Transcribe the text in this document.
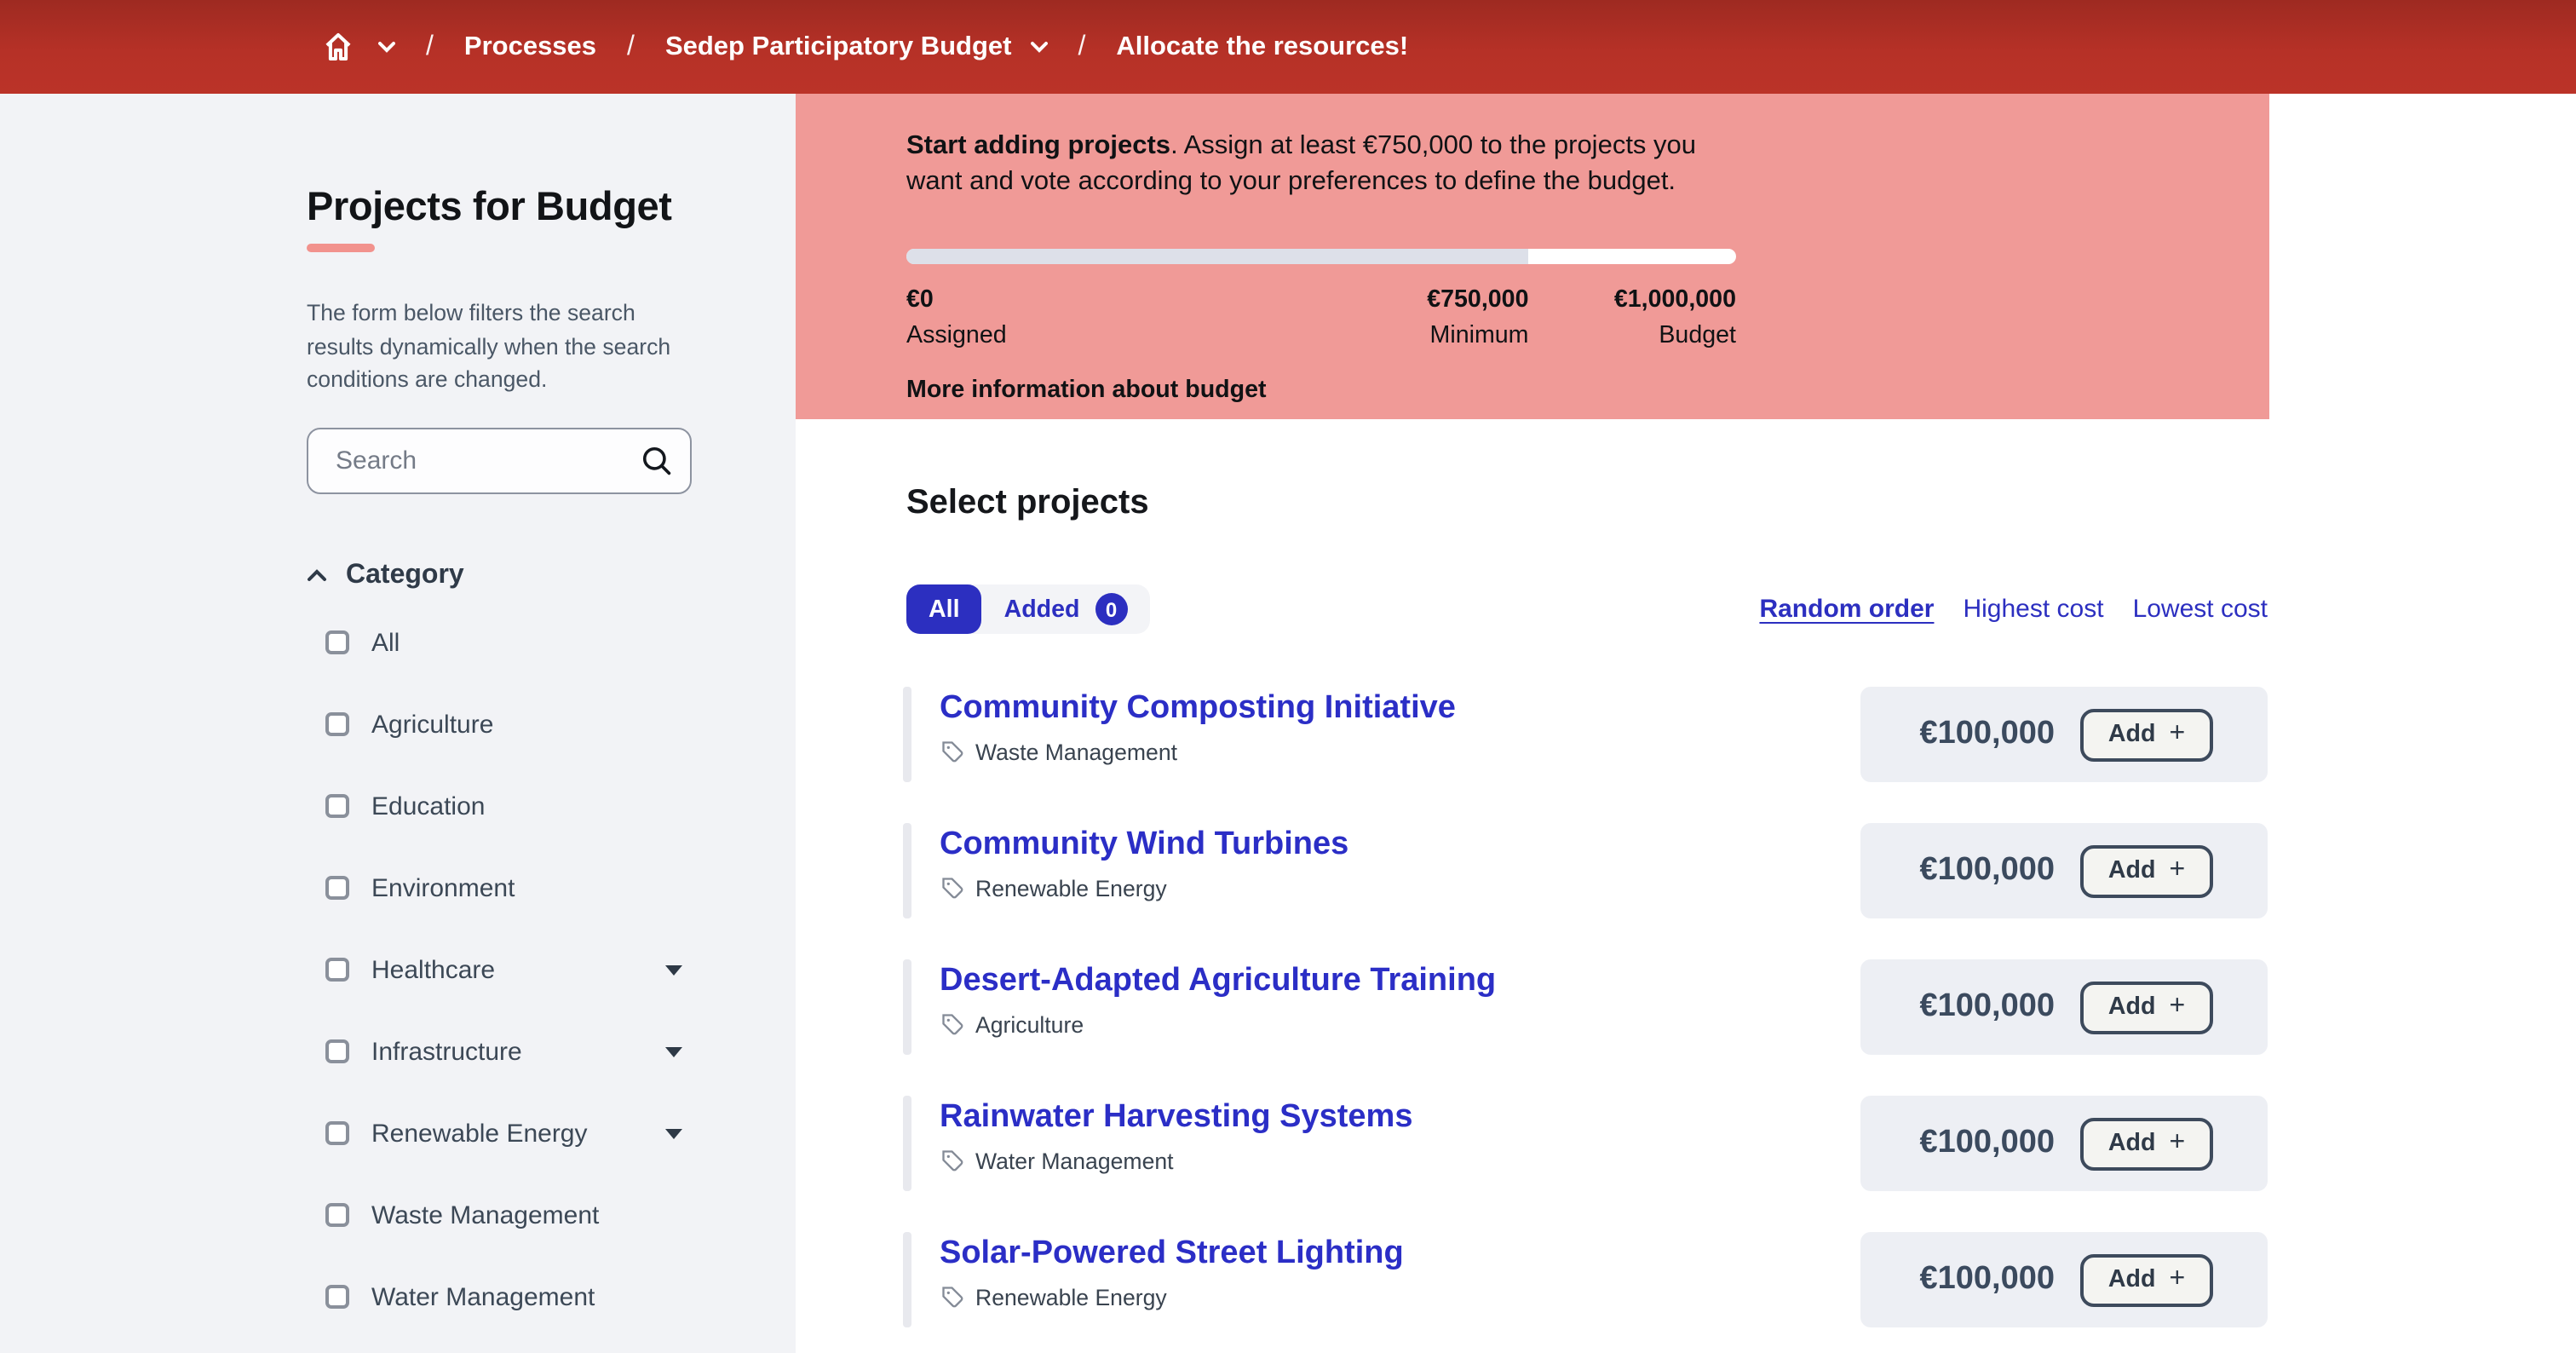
/ Processes / Sedep Participatory Budget	/ Allocate the resources!
Projects for Budget

The form below filters the search results dynamically when the search conditions are changed.

Search
Category
All
Agriculture
Education
Environment
Healthcare
Infrastructure
Renewable Energy
Waste Management
Water Management

Start adding projects. Assign at least €750,000 to the projects you want and vote according to your preferences to define the budget.

€0
Assigned
€750,000
Minimum
€1,000,000
Budget
More information about budget
Select projects
All	Added	0	Random order Highest cost Lowest cost
Community Composting Initiative
Waste Management
€100,000	Add +
Community Wind Turbines
Renewable Energy
€100,000	Add +
Desert-Adapted Agriculture Training
Agriculture
€100,000	Add +
Rainwater Harvesting Systems
Water Management
€100,000	Add +
Solar-Powered Street Lighting
Renewable Energy
€100,000	Add +
